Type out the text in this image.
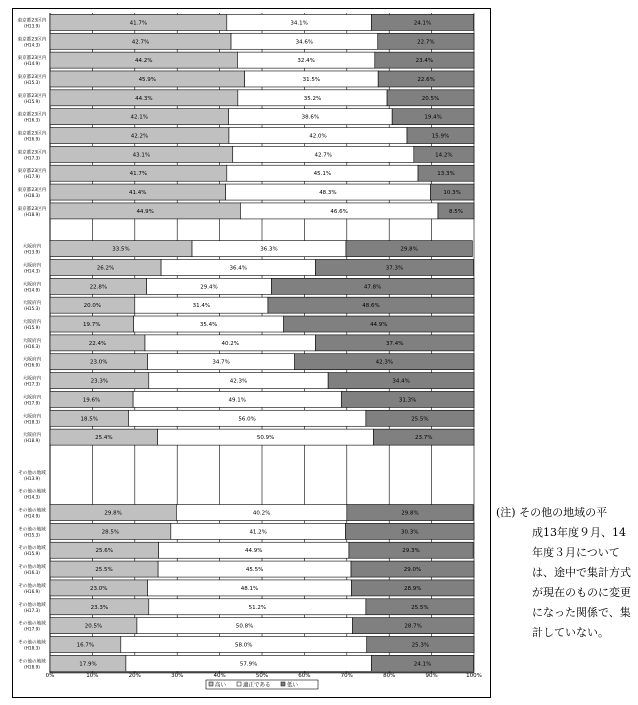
0%	10%	20%	30%	40%	50%	60%	70%	80%	90%	100%
東京都23区内
(H13.9)	41.7%	34.1%	24.1%
東京都23区内
(H14.3)	42.7%	34.6%	22.7%
東京都23区内
(H14.9)	44.2%	32.4%	23.4%
東京都23区内
(H15.3)	45.9%	31.5%	22.6%
東京都23区内
(H15.9)	44.3%	35.2%	20.5%
東京都23区内
(H16.3)	42.1%	38.6%	19.4%
東京都23区内
(H16.9)	42.2%	42.0%	15.9%
東京都23区内
(H17.3)	43.1%	42.7%	14.2%
東京都23区内
(H17.9)	41.7%	45.1%	13.3%
東京都23区内
(H18.3)	41.4%	48.3%	10.3%
東京都23区内
(H18.9)	44.9%	46.6%	8.5%
大阪府内
(H13.9)	33.5%	36.3%	29.8%
大阪府内
(H14.3)	26.2%	36.4%	37.3%
大阪府内
(H14.9)	22.8%	29.4%	47.8%
大阪府内
(H15.3)	20.0%	31.4%	48.6%
大阪府内
(H15.9)	19.7%	35.4%	44.9%
大阪府内
(H16.3)	22.4%	40.2%	37.4%
大阪府内
(H16.9)	23.0%	34.7%	42.3%
大阪府内
(H17.3)	23.3%	42.3%	34.4%
大阪府内
(H17.9)	19.6%	49.1%	31.3%
大阪府内
(H18.3)	18.5%	56.0%	25.5%
大阪府内
(H18.9)	25.4%	50.9%	23.7%
その他の地域
(H13.9)
その他の地域
(H14.3)
その他の地域
(H14.9)	29.8%	40.2%	29.8%
その他の地域
(H15.3)	28.5%	41.2%	30.3%
その他の地域
(H15.9)	25.6%	44.9%	29.3%
その他の地域
(H16.3)	25.5%	45.5%	29.0%
その他の地域
(H16.9)	23.0%	48.1%	28.9%
その他の地域
(H17.3)	23.3%	51.2%	25.5%
その他の地域
(H17.9)	20.5%	50.8%	28.7%
その他の地域
(H18.3)	16.7%	58.0%	25.3%
その他の地域
(H18.9)	17.9%	57.9%	24.1%
高い	適正である	低い
(注) その他の地域の平
成13年度９月、14年度３月については、途中で集計方式が現在のものに変更になった関係で、集計していない。
